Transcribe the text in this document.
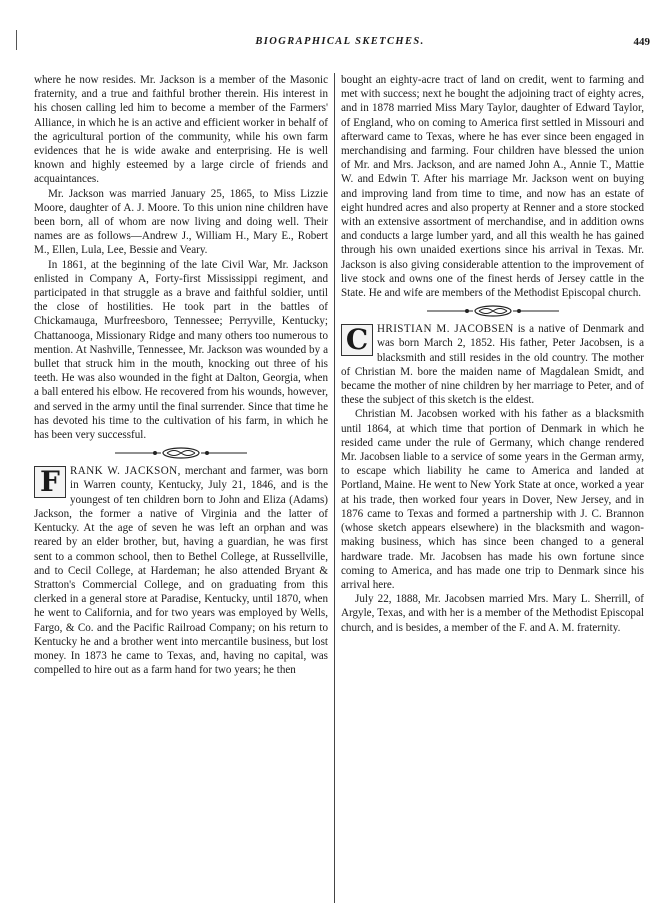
BIOGRAPHICAL SKETCHES.	449

where he now resides. Mr. Jackson is a member of the Masonic fraternity, and a true and faithful brother therein. His interest in his chosen calling led him to become a member of the Farmers' Alliance, in which he is an active and efficient worker in behalf of the agricultural portion of the community, while his own farm evidences that he is wide awake and enterprising. He is well known and highly esteemed by a large circle of friends and acquaintances.

Mr. Jackson was married January 25, 1865, to Miss Lizzie Moore, daughter of A. J. Moore. To this union nine children have been born, all of whom are now living and doing well. Their names are as follows—Andrew J., William H., Mary E., Robert M., Ellen, Lula, Lee, Bessie and Veary.

In 1861, at the beginning of the late Civil War, Mr. Jackson enlisted in Company A, Forty-first Mississippi regiment, and participated in that struggle as a brave and faithful soldier, until the close of hostilities. He took part in the battles of Chickamauga, Murfreesboro, Tennessee; Perryville, Kentucky; Chattanooga, Missionary Ridge and many others too numerous to mention. At Nashville, Tennessee, Mr. Jackson was wounded by a bullet that struck him in the mouth, knocking out three of his teeth. He was also wounded in the fight at Dalton, Georgia, when a ball entered his elbow. He recovered from his wounds, however, and served in the army until the final surrender. Since that time he has devoted his time to the cultivation of his farm, in which he has been very successful.

F RANK W. JACKSON, merchant and farmer, was born in Warren county, Kentucky, July 21, 1846, and is the youngest of ten children born to John and Eliza (Adams) Jackson, the former a native of Virginia and the latter of Kentucky. At the age of seven he was left an orphan and was reared by an elder brother, but, having a guardian, he was first sent to a common school, then to Bethel College, at Russellville, and to Cecil College, at Hardeman; he also attended Bryant & Stratton's Commercial College, and on graduating from this clerked in a general store at Paradise, Kentucky, until 1870, when he went to California, and for two years was employed by Wells, Fargo, & Co. and the Pacific Railroad Company; on his return to Kentucky he and a brother went into mercantile business, but lost money. In 1873 he came to Texas, and, having no capital, was compelled to hire out as a farm hand for two years; he then

bought an eighty-acre tract of land on credit, went to farming and met with success; next he bought the adjoining tract of eighty acres, and in 1878 married Miss Mary Taylor, daughter of Edward Taylor, of England, who on coming to America first settled in Missouri and afterward came to Texas, where he has ever since been engaged in merchandising and farming. Four children have blessed the union of Mr. and Mrs. Jackson, and are named John A., Annie T., Mattie W. and Edwin T. After his marriage Mr. Jackson went on buying and improving land from time to time, and now has an estate of eight hundred acres and also property at Renner and a store stocked with an extensive assortment of merchandise, and in addition owns and conducts a large lumber yard, and all this wealth he has gained through his own unaided exertions since his arrival in Texas. Mr. Jackson is also giving considerable attention to the improvement of live stock and owns one of the finest herds of Jersey cattle in the State. He and wife are members of the Methodist Episcopal church.

C HRISTIAN M. JACOBSEN is a native of Denmark and was born March 2, 1852. His father, Peter Jacobsen, is a blacksmith and still resides in the old country. The mother of Christian M. bore the maiden name of Magdalean Smidt, and became the mother of nine children by her marriage to Peter, and of these the subject of this sketch is the eldest.

Christian M. Jacobsen worked with his father as a blacksmith until 1864, at which time that portion of Denmark in which he resided came under the rule of Germany, which change rendered Mr. Jacobsen liable to a service of some years in the German army, to escape which liability he came to America and landed at Portland, Maine. He went to New York State at once, worked a year at his trade, then worked four years in Dover, New Jersey, and in 1876 came to Texas and formed a partnership with J. C. Brannon (whose sketch appears elsewhere) in the blacksmith and wagon-making business, which has since been changed to a general hardware trade. Mr. Jacobsen has made his own fortune since coming to America, and has made one trip to Denmark since his arrival here.

July 22, 1888, Mr. Jacobsen married Mrs. Mary L. Sherrill, of Argyle, Texas, and with her is a member of the Methodist Episcopal church, and is besides, a member of the F. and A. M. fraternity.
